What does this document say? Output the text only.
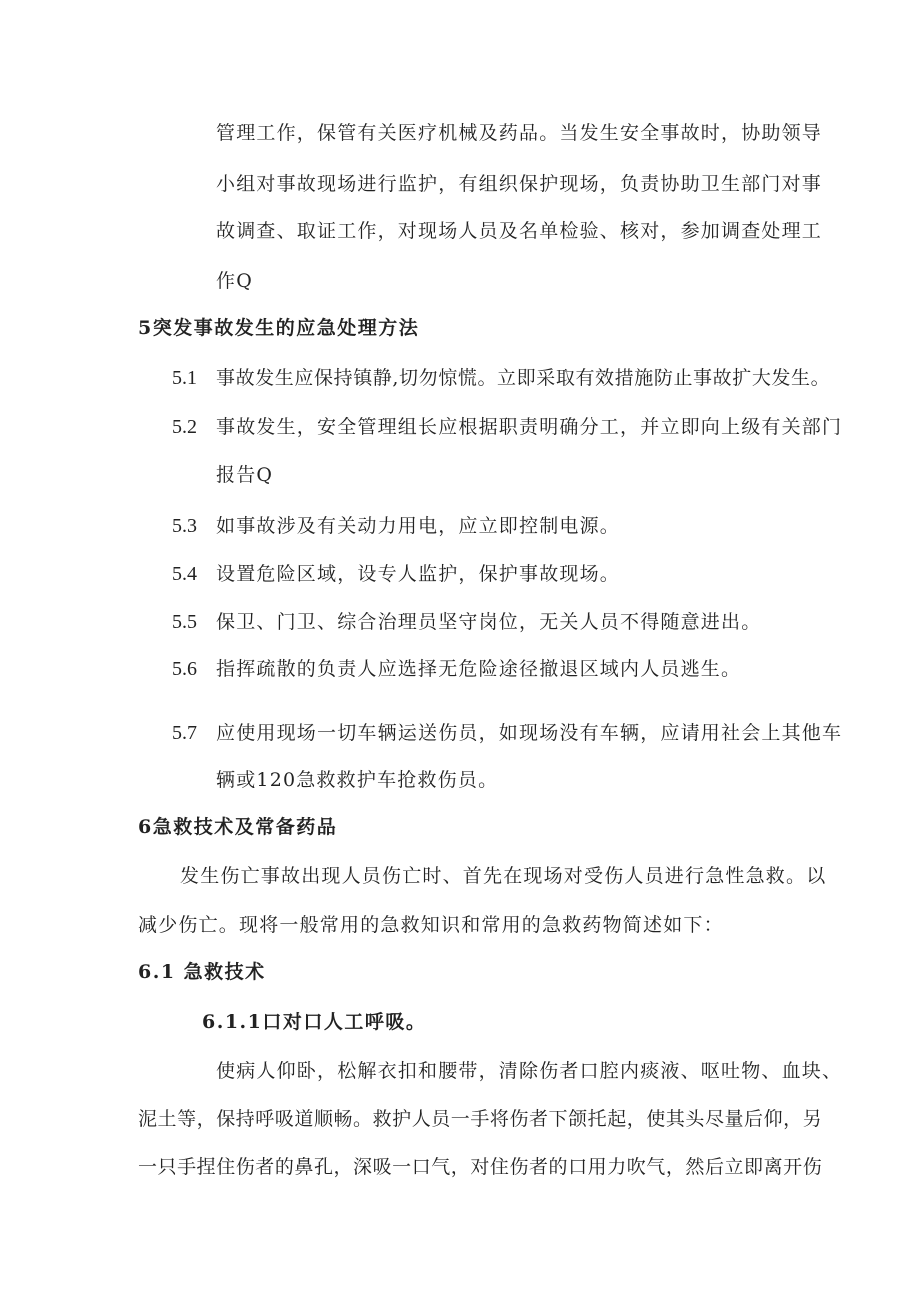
管理工作，保管有关医疗机械及药品。当发生安全事故时，协助领导
小组对事故现场进行监护，有组织保护现场，负责协助卫生部门对事
故调查、取证工作，对现场人员及名单检验、核对，参加调查处理工
作Q
5突发事故发生的应急处理方法
5.1 事故发生应保持镇静,切勿惊慌。立即采取有效措施防止事故扩大发生。
5.2 事故发生，安全管理组长应根据职责明确分工，并立即向上级有关部门
报告Q
5.3 如事故涉及有关动力用电，应立即控制电源。
5.4 设置危险区域，设专人监护，保护事故现场。
5.5 保卫、门卫、综合治理员坚守岗位，无关人员不得随意进出。
5.6 指挥疏散的负责人应选择无危险途径撤退区域内人员逃生。
5.7 应使用现场一切车辆运送伤员，如现场没有车辆，应请用社会上其他车
辆或120急救救护车抢救伤员。
6急救技术及常备药品
发生伤亡事故出现人员伤亡时、首先在现场对受伤人员进行急性急救。以
减少伤亡。现将一般常用的急救知识和常用的急救药物简述如下：
6.1 急救技术
6.1.1口对口人工呼吸。
使病人仰卧，松解衣扣和腰带，清除伤者口腔内痰液、呕吐物、血块、
泥土等，保持呼吸道顺畅。救护人员一手将伤者下颌托起，使其头尽量后仰，另
一只手捏住伤者的鼻孔，深吸一口气，对住伤者的口用力吹气，然后立即离开伤
